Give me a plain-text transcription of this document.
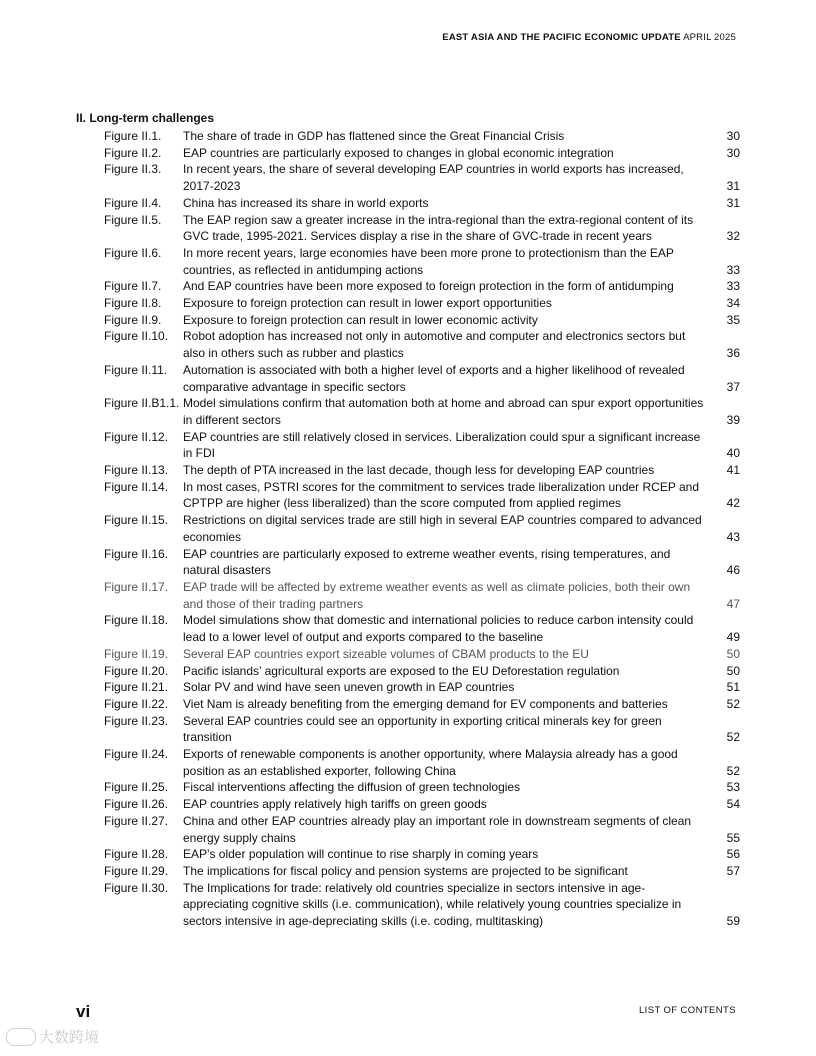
EAST ASIA AND THE PACIFIC ECONOMIC UPDATE APRIL 2025
II. Long-term challenges
Figure II.1.	The share of trade in GDP has flattened since the Great Financial Crisis	30
Figure II.2.	EAP countries are particularly exposed to changes in global economic integration	30
Figure II.3.	In recent years, the share of several developing EAP countries in world exports has increased, 2017-2023	31
Figure II.4.	China has increased its share in world exports	31
Figure II.5.	The EAP region saw a greater increase in the intra-regional than the extra-regional content of its GVC trade, 1995-2021. Services display a rise in the share of GVC-trade in recent years	32
Figure II.6.	In more recent years, large economies have been more prone to protectionism than the EAP countries, as reflected in antidumping actions	33
Figure II.7.	And EAP countries have been more exposed to foreign protection in the form of antidumping	33
Figure II.8.	Exposure to foreign protection can result in lower export opportunities	34
Figure II.9.	Exposure to foreign protection can result in lower economic activity	35
Figure II.10.	Robot adoption has increased not only in automotive and computer and electronics sectors but also in others such as rubber and plastics	36
Figure II.11.	Automation is associated with both a higher level of exports and a higher likelihood of revealed comparative advantage in specific sectors	37
Figure II.B1.1. Model simulations confirm that automation both at home and abroad can spur export opportunities in different sectors	39
Figure II.12.	EAP countries are still relatively closed in services. Liberalization could spur a significant increase in FDI	40
Figure II.13.	The depth of PTA increased in the last decade, though less for developing EAP countries	41
Figure II.14.	In most cases, PSTRI scores for the commitment to services trade liberalization under RCEP and CPTPP are higher (less liberalized) than the score computed from applied regimes	42
Figure II.15.	Restrictions on digital services trade are still high in several EAP countries compared to advanced economies	43
Figure II.16.	EAP countries are particularly exposed to extreme weather events, rising temperatures, and natural disasters	46
Figure II.17.	EAP trade will be affected by extreme weather events as well as climate policies, both their own and those of their trading partners	47
Figure II.18.	Model simulations show that domestic and international policies to reduce carbon intensity could lead to a lower level of output and exports compared to the baseline	49
Figure II.19.	Several EAP countries export sizeable volumes of CBAM products to the EU	50
Figure II.20.	Pacific islands’ agricultural exports are exposed to the EU Deforestation regulation	50
Figure II.21.	Solar PV and wind have seen uneven growth in EAP countries	51
Figure II.22.	Viet Nam is already benefiting from the emerging demand for EV components and batteries	52
Figure II.23.	Several EAP countries could see an opportunity in exporting critical minerals key for green transition	52
Figure II.24.	Exports of renewable components is another opportunity, where Malaysia already has a good position as an established exporter, following China	52
Figure II.25.	Fiscal interventions affecting the diffusion of green technologies	53
Figure II.26.	EAP countries apply relatively high tariffs on green goods	54
Figure II.27.	China and other EAP countries already play an important role in downstream segments of clean energy supply chains	55
Figure II.28.	EAP’s older population will continue to rise sharply in coming years	56
Figure II.29.	The implications for fiscal policy and pension systems are projected to be significant	57
Figure II.30.	The Implications for trade: relatively old countries specialize in sectors intensive in age-appreciating cognitive skills (i.e. communication), while relatively young countries specialize in sectors intensive in age-depreciating skills (i.e. coding, multitasking)	59
vi	LIST OF CONTENTS
大数跨境
